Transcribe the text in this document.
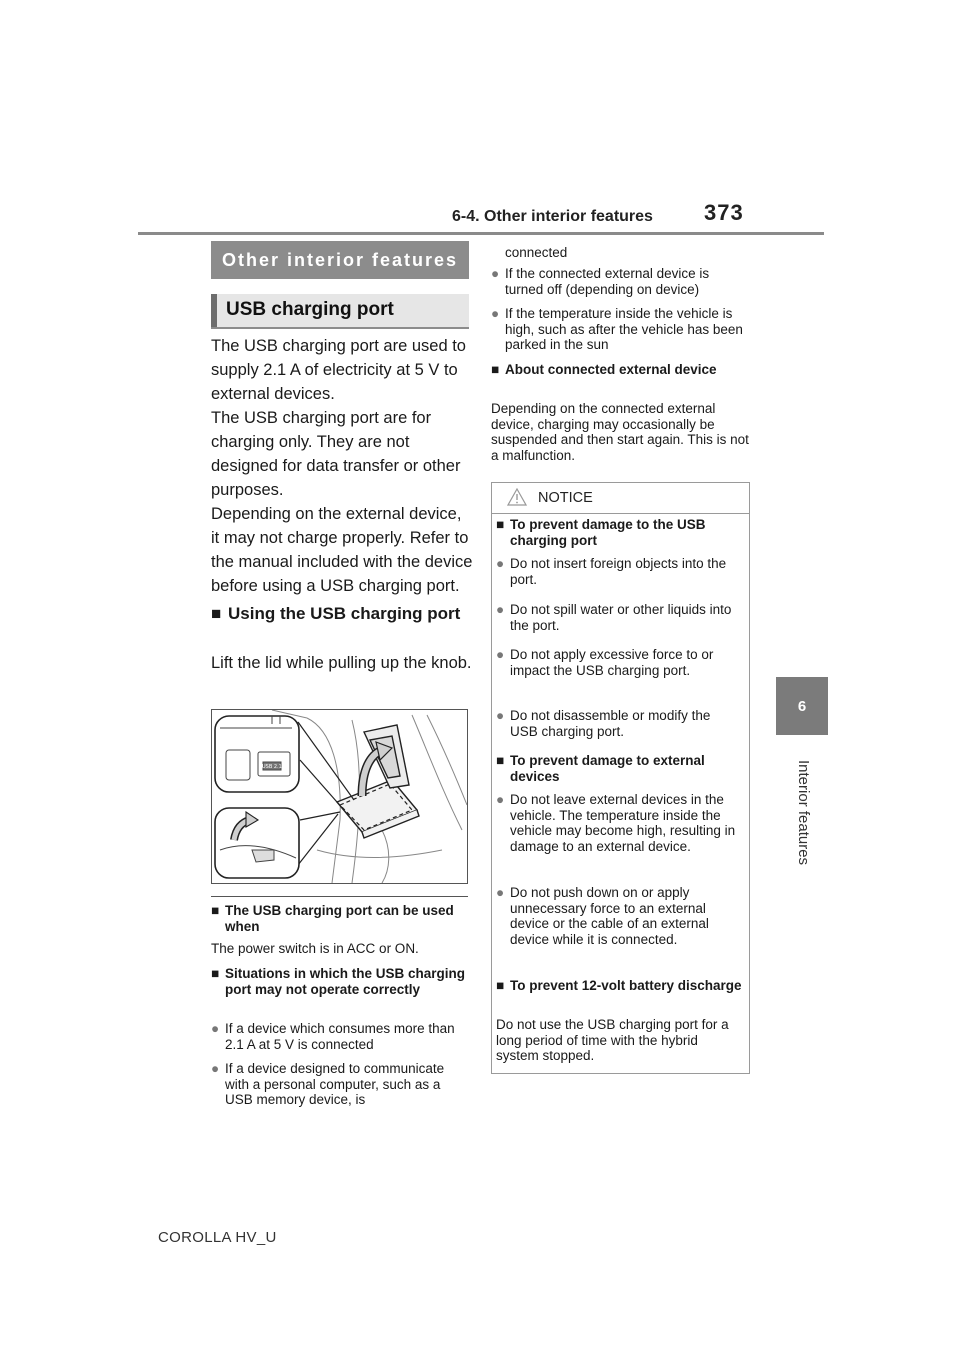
6-4. Other interior features 373
6
Interior features
Other interior features
USB charging port

The USB charging port are used to supply 2.1 A of electricity at 5 V to external devices.

The USB charging port are for charging only. They are not designed for data transfer or other purposes.

Depending on the external device, it may not charge properly. Refer to the manual included with the device before using a USB charging port.

■ Using the USB charging port
Lift the lid while pulling up the knob.
USB 2.1A
■ The USB charging port can be used when
The power switch is in ACC or ON.
■ Situations in which the USB charging port may not operate correctly
● If a device which consumes more than 2.1 A at 5 V is connected
● If a device designed to communicate with a personal computer, such as a USB memory device, is
connected
● If the connected external device is turned off (depending on device)
● If the temperature inside the vehicle is high, such as after the vehicle has been parked in the sun
■ About connected external device
Depending on the connected external device, charging may occasionally be suspended and then start again. This is not a malfunction.
NOTICE
■ To prevent damage to the USB charging port
● Do not insert foreign objects into the port.
● Do not spill water or other liquids into the port.
● Do not apply excessive force to or impact the USB charging port.
● Do not disassemble or modify the USB charging port.
■ To prevent damage to external devices
● Do not leave external devices in the vehicle. The temperature inside the vehicle may become high, resulting in damage to an external device.
● Do not push down on or apply unnecessary force to an external device or the cable of an external device while it is connected.
■ To prevent 12-volt battery discharge
Do not use the USB charging port for a long period of time with the hybrid system stopped.
COROLLA HV_U
